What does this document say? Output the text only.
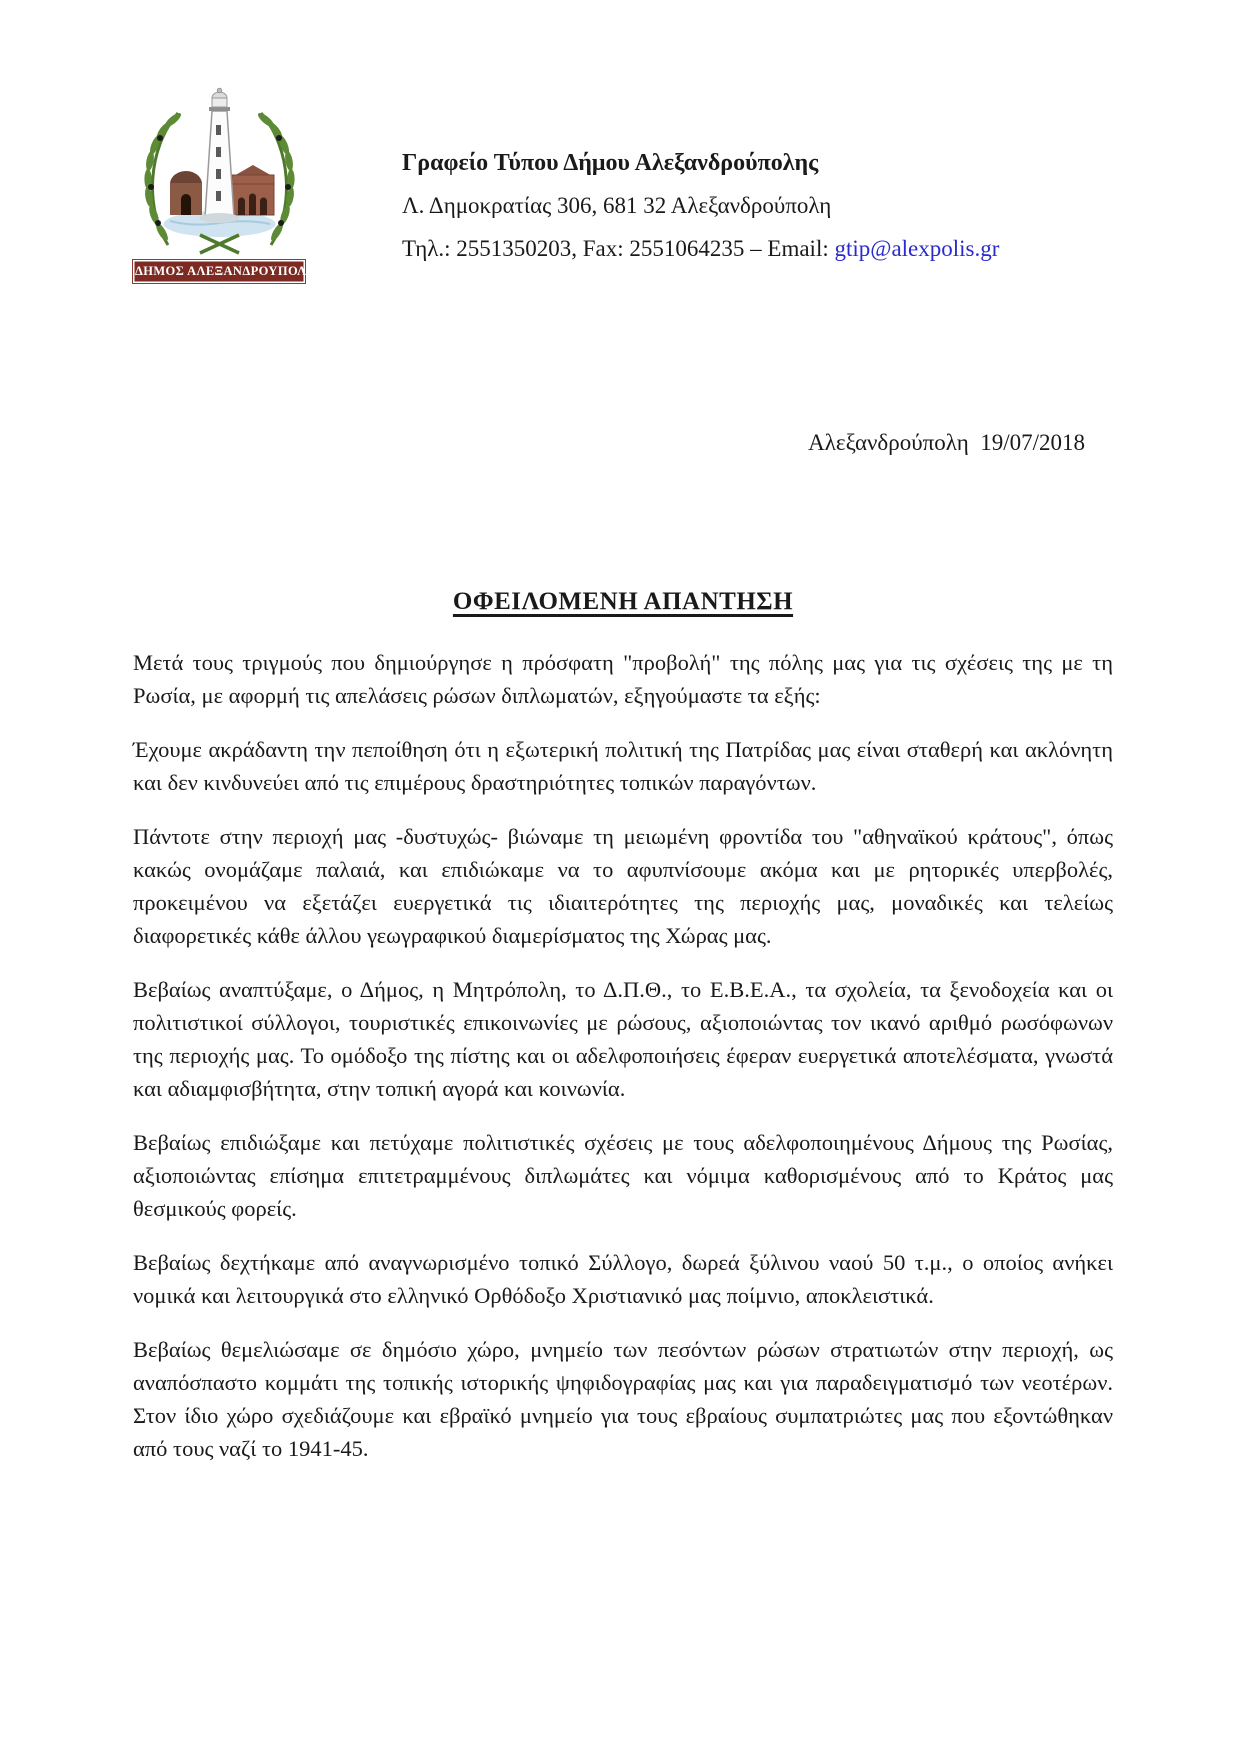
ΔΗΜΟΣ ΑΛΕΞΑΝΔΡΟΥΠΟΛΗΣ
Γραφείο Τύπου Δήμου Αλεξανδρούπολης
Λ. Δημοκρατίας 306, 681 32 Αλεξανδρούπολη
Τηλ.: 2551350203, Fax: 2551064235 – Email: gtip@alexpolis.gr
Αλεξανδρούπολη  19/07/2018
ΟΦΕΙΛΟΜΕΝΗ ΑΠΑΝΤΗΣΗ

Μετά τους τριγμούς που δημιούργησε η πρόσφατη "προβολή" της πόλης μας για τις σχέσεις της με τη Ρωσία, με αφορμή τις απελάσεις ρώσων διπλωματών, εξηγούμαστε τα εξής:

Έχουμε ακράδαντη την πεποίθηση ότι η εξωτερική πολιτική της Πατρίδας μας είναι σταθερή και ακλόνητη και δεν κινδυνεύει από τις επιμέρους δραστηριότητες τοπικών παραγόντων.

Πάντοτε στην περιοχή μας -δυστυχώς- βιώναμε τη μειωμένη φροντίδα του "αθηναϊκού κράτους", όπως κακώς ονομάζαμε παλαιά, και επιδιώκαμε να το αφυπνίσουμε ακόμα και με ρητορικές υπερβολές, προκειμένου να εξετάζει ευεργετικά τις ιδιαιτερότητες της περιοχής μας, μοναδικές και τελείως διαφορετικές κάθε άλλου γεωγραφικού διαμερίσματος της Χώρας μας.

Βεβαίως αναπτύξαμε, ο Δήμος, η Μητρόπολη, το Δ.Π.Θ., το Ε.Β.Ε.Α., τα σχολεία, τα ξενοδοχεία και οι πολιτιστικοί σύλλογοι, τουριστικές επικοινωνίες με ρώσους, αξιοποιώντας τον ικανό αριθμό ρωσόφωνων της περιοχής μας. Το ομόδοξο της πίστης και οι αδελφοποιήσεις έφεραν ευεργετικά αποτελέσματα, γνωστά και αδιαμφισβήτητα, στην τοπική αγορά και κοινωνία.

Βεβαίως επιδιώξαμε και πετύχαμε πολιτιστικές σχέσεις με τους αδελφοποιημένους Δήμους της Ρωσίας, αξιοποιώντας επίσημα επιτετραμμένους διπλωμάτες και νόμιμα καθορισμένους από το Κράτος μας θεσμικούς φορείς.

Βεβαίως δεχτήκαμε από αναγνωρισμένο τοπικό Σύλλογο, δωρεά ξύλινου ναού 50 τ.μ., ο οποίος ανήκει νομικά και λειτουργικά στο ελληνικό Ορθόδοξο Χριστιανικό μας ποίμνιο, αποκλειστικά.

Βεβαίως θεμελιώσαμε σε δημόσιο χώρο, μνημείο των πεσόντων ρώσων στρατιωτών στην περιοχή, ως αναπόσπαστο κομμάτι της τοπικής ιστορικής ψηφιδογραφίας μας και για παραδειγματισμό των νεοτέρων. Στον ίδιο χώρο σχεδιάζουμε και εβραϊκό μνημείο για τους εβραίους συμπατριώτες μας που εξοντώθηκαν από τους ναζί το 1941-45.
